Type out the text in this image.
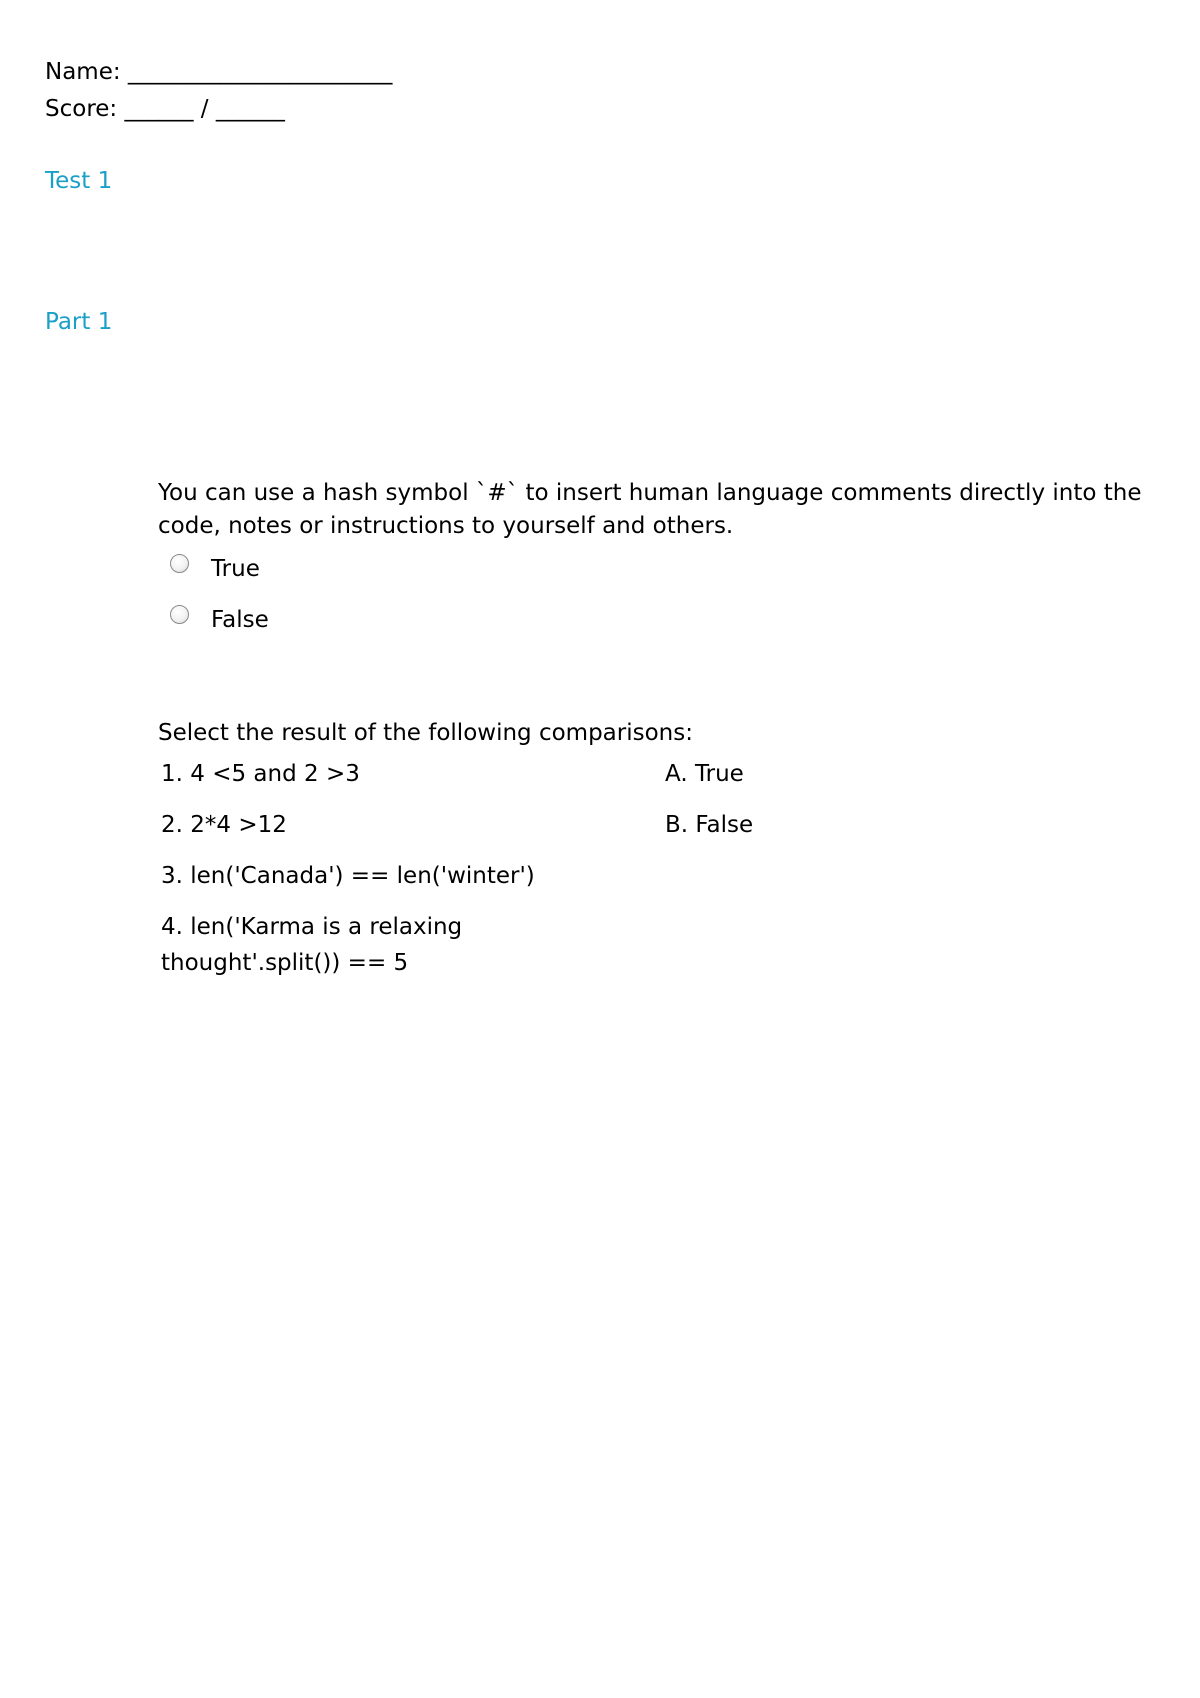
Name: _______________________
Score: ______ / ______
Test 1
Part 1

You can use a hash symbol `#` to insert human language comments directly into the code, notes or instructions to yourself and others.

True
False

Select the result of the following comparisons:

1. 4 <5 and 2 >3
2. 2*4 >12
3. len('Canada') == len('winter')
4. len('Karma is a relaxing thought'.split()) == 5
A. True
B. False
